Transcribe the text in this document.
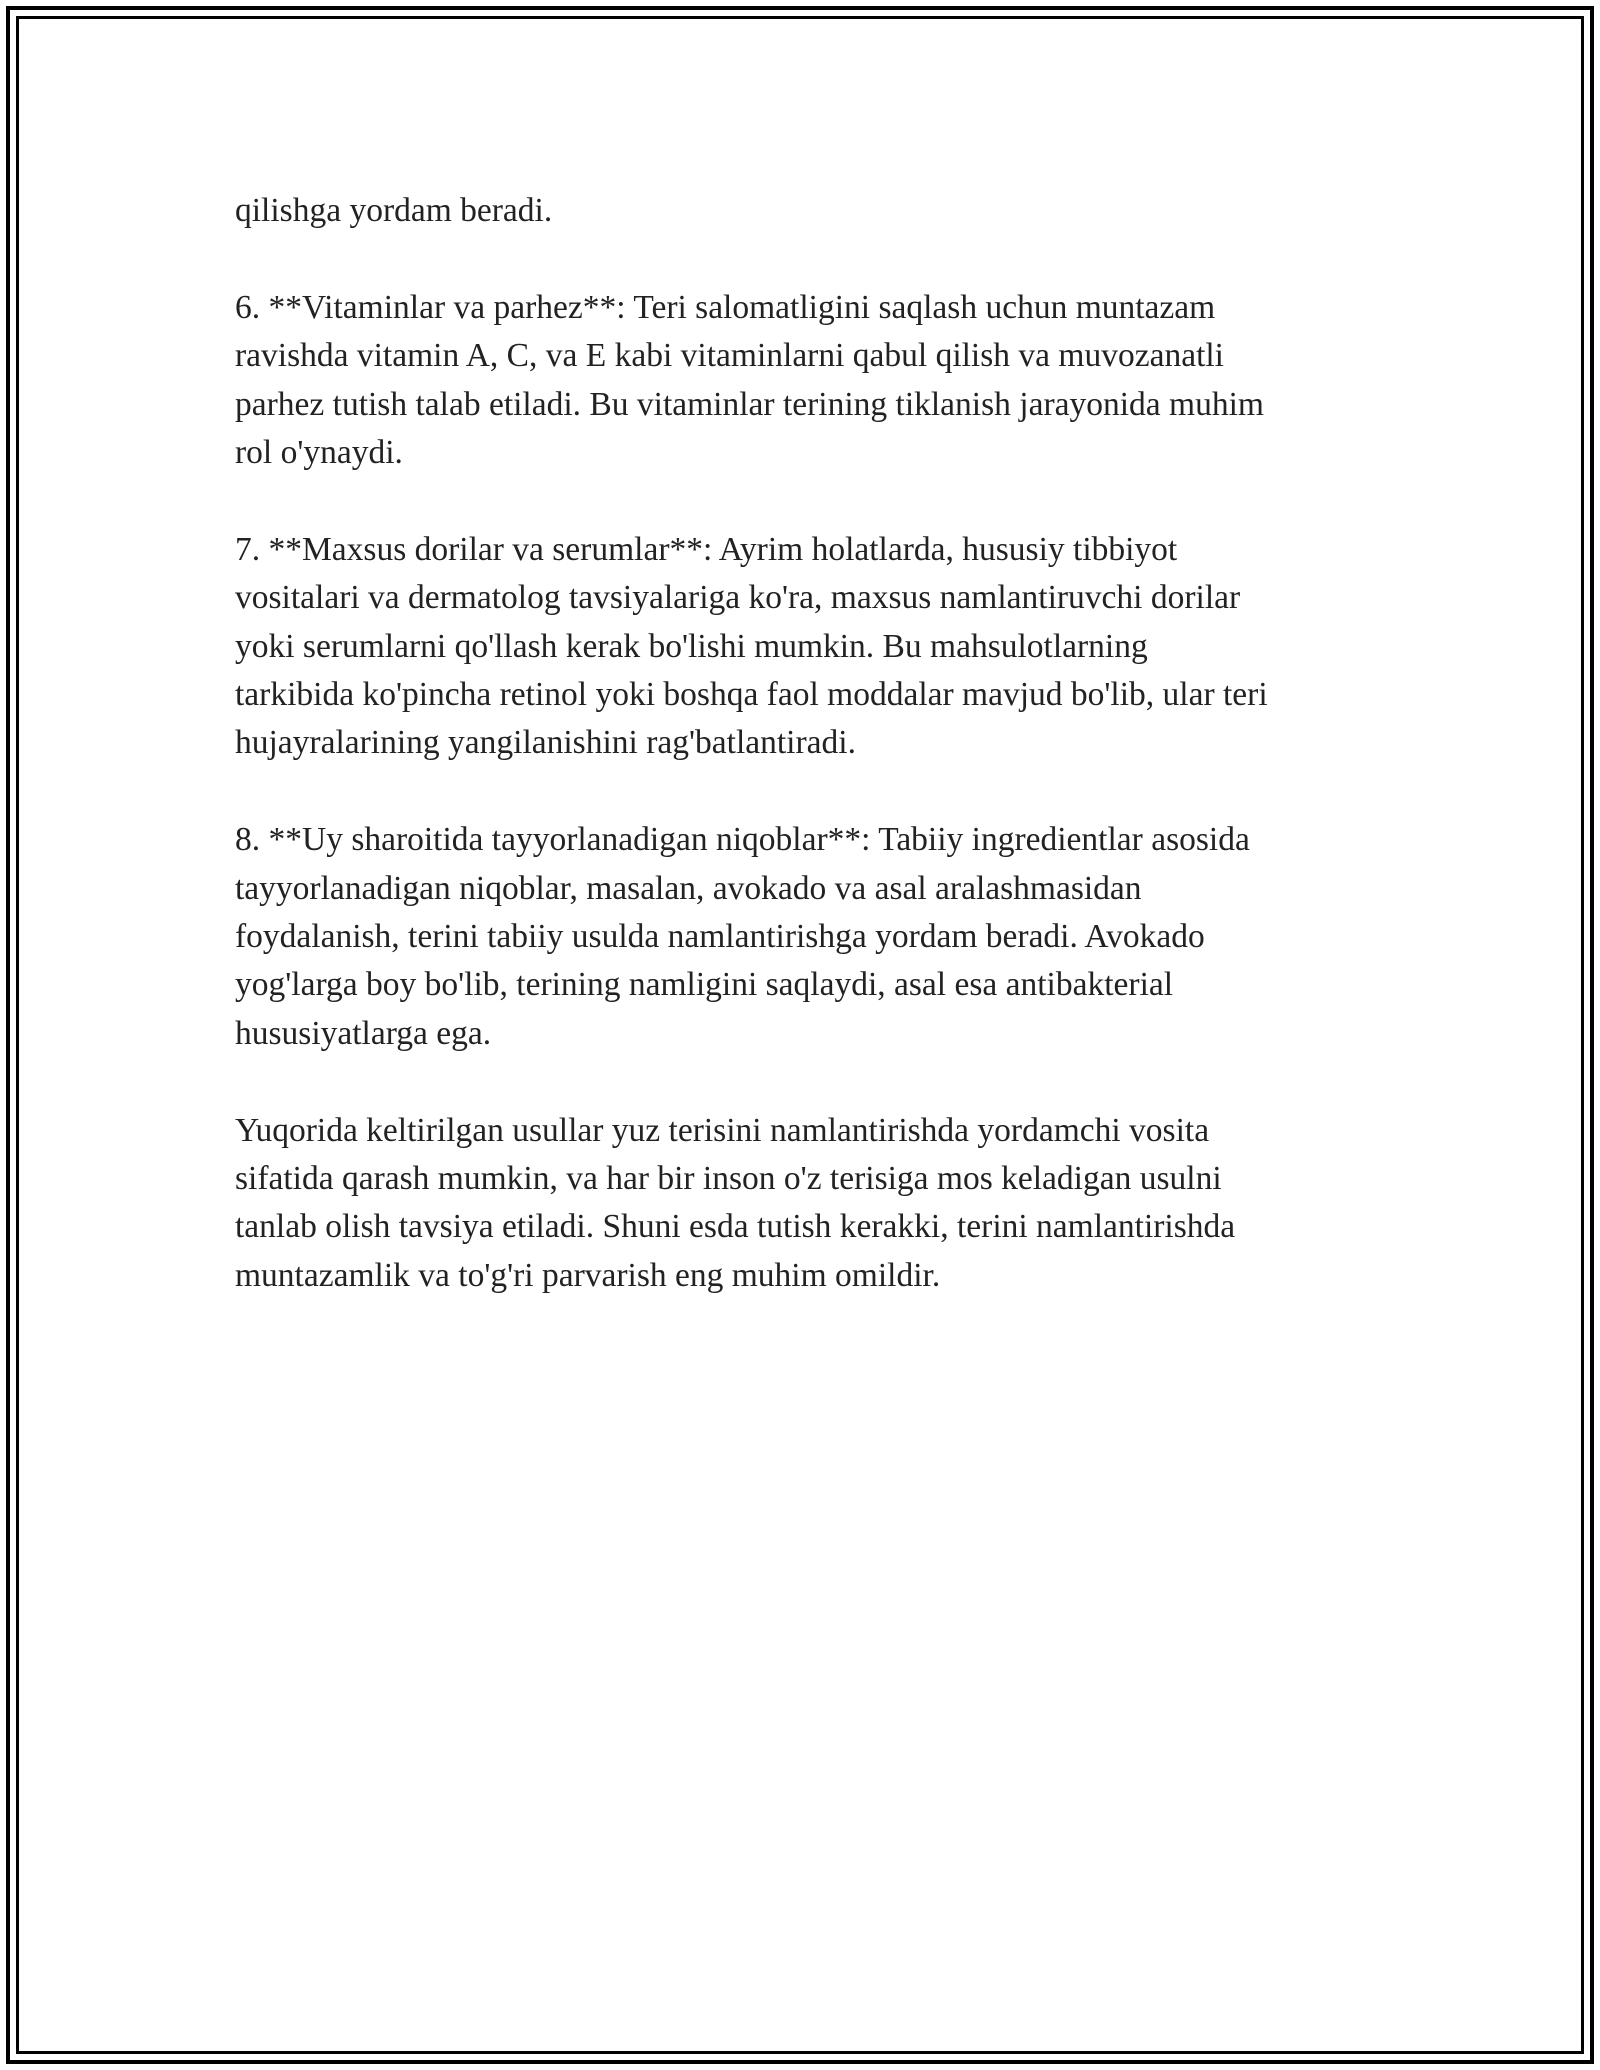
qilishga yordam beradi.

6. **Vitaminlar va parhez**: Teri salomatligini saqlash uchun muntazam
ravishda vitamin A, C, va E kabi vitaminlarni qabul qilish va muvozanatli
parhez tutish talab etiladi. Bu vitaminlar terining tiklanish jarayonida muhim
rol o'ynaydi.

7. **Maxsus dorilar va serumlar**: Ayrim holatlarda, hususiy tibbiyot
vositalari va dermatolog tavsiyalariga ko'ra, maxsus namlantiruvchi dorilar
yoki serumlarni qo'llash kerak bo'lishi mumkin. Bu mahsulotlarning
tarkibida ko'pincha retinol yoki boshqa faol moddalar mavjud bo'lib, ular teri
hujayralarining yangilanishini rag'batlantiradi.

8. **Uy sharoitida tayyorlanadigan niqoblar**: Tabiiy ingredientlar asosida
tayyorlanadigan niqoblar, masalan, avokado va asal aralashmasidan
foydalanish, terini tabiiy usulda namlantirishga yordam beradi. Avokado
yog'larga boy bo'lib, terining namligini saqlaydi, asal esa antibakterial
hususiyatlarga ega.

Yuqorida keltirilgan usullar yuz terisini namlantirishda yordamchi vosita
sifatida qarash mumkin, va har bir inson o'z terisiga mos keladigan usulni
tanlab olish tavsiya etiladi. Shuni esda tutish kerakki, terini namlantirishda
muntazamlik va to'g'ri parvarish eng muhim omildir.
